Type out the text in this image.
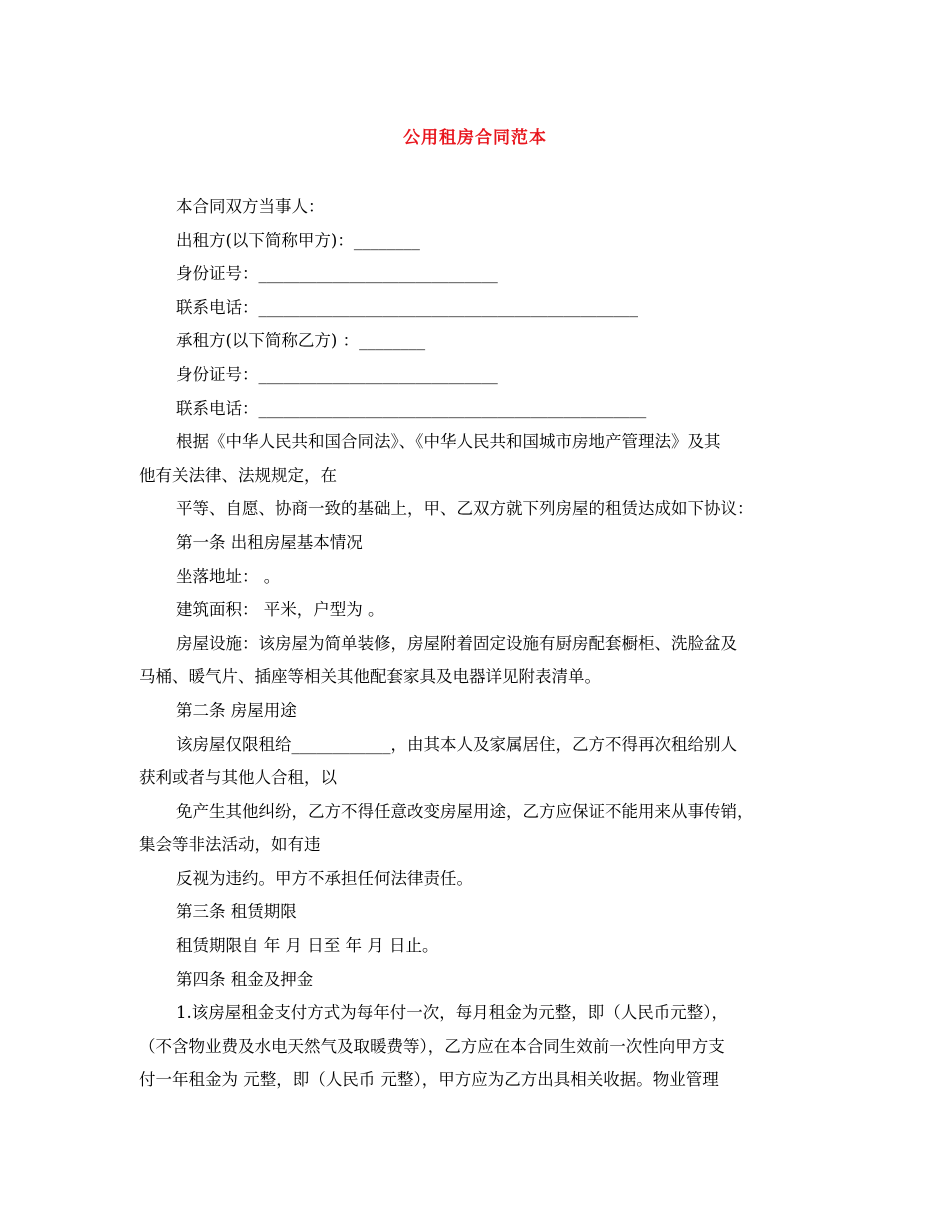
公用租房合同范本
本合同双方当事人：
出租方(以下简称甲方)：________
身份证号：_____________________________
联系电话：______________________________________________
承租方(以下简称乙方) ：________
身份证号：_____________________________
联系电话：_______________________________________________
根据《中华人民共和国合同法》、《中华人民共和国城市房地产管理法》及其
他有关法律、法规规定，在
平等、自愿、协商一致的基础上，甲、乙双方就下列房屋的租赁达成如下协议：
第一条 出租房屋基本情况
坐落地址： 。
建筑面积： 平米，户型为 。
房屋设施：该房屋为简单装修，房屋附着固定设施有厨房配套橱柜、洗脸盆及
马桶、暖气片、插座等相关其他配套家具及电器详见附表清单。
第二条 房屋用途
该房屋仅限租给____________，由其本人及家属居住，乙方不得再次租给别人
获利或者与其他人合租，以
免产生其他纠纷，乙方不得任意改变房屋用途，乙方应保证不能用来从事传销，
集会等非法活动，如有违
反视为违约。甲方不承担任何法律责任。
第三条 租赁期限
租赁期限自 年 月 日至 年 月 日止。
第四条 租金及押金
1.该房屋租金支付方式为每年付一次，每月租金为元整，即（人民币元整），
（不含物业费及水电天然气及取暖费等），乙方应在本合同生效前一次性向甲方支
付一年租金为 元整，即（人民币 元整），甲方应为乙方出具相关收据。物业管理
